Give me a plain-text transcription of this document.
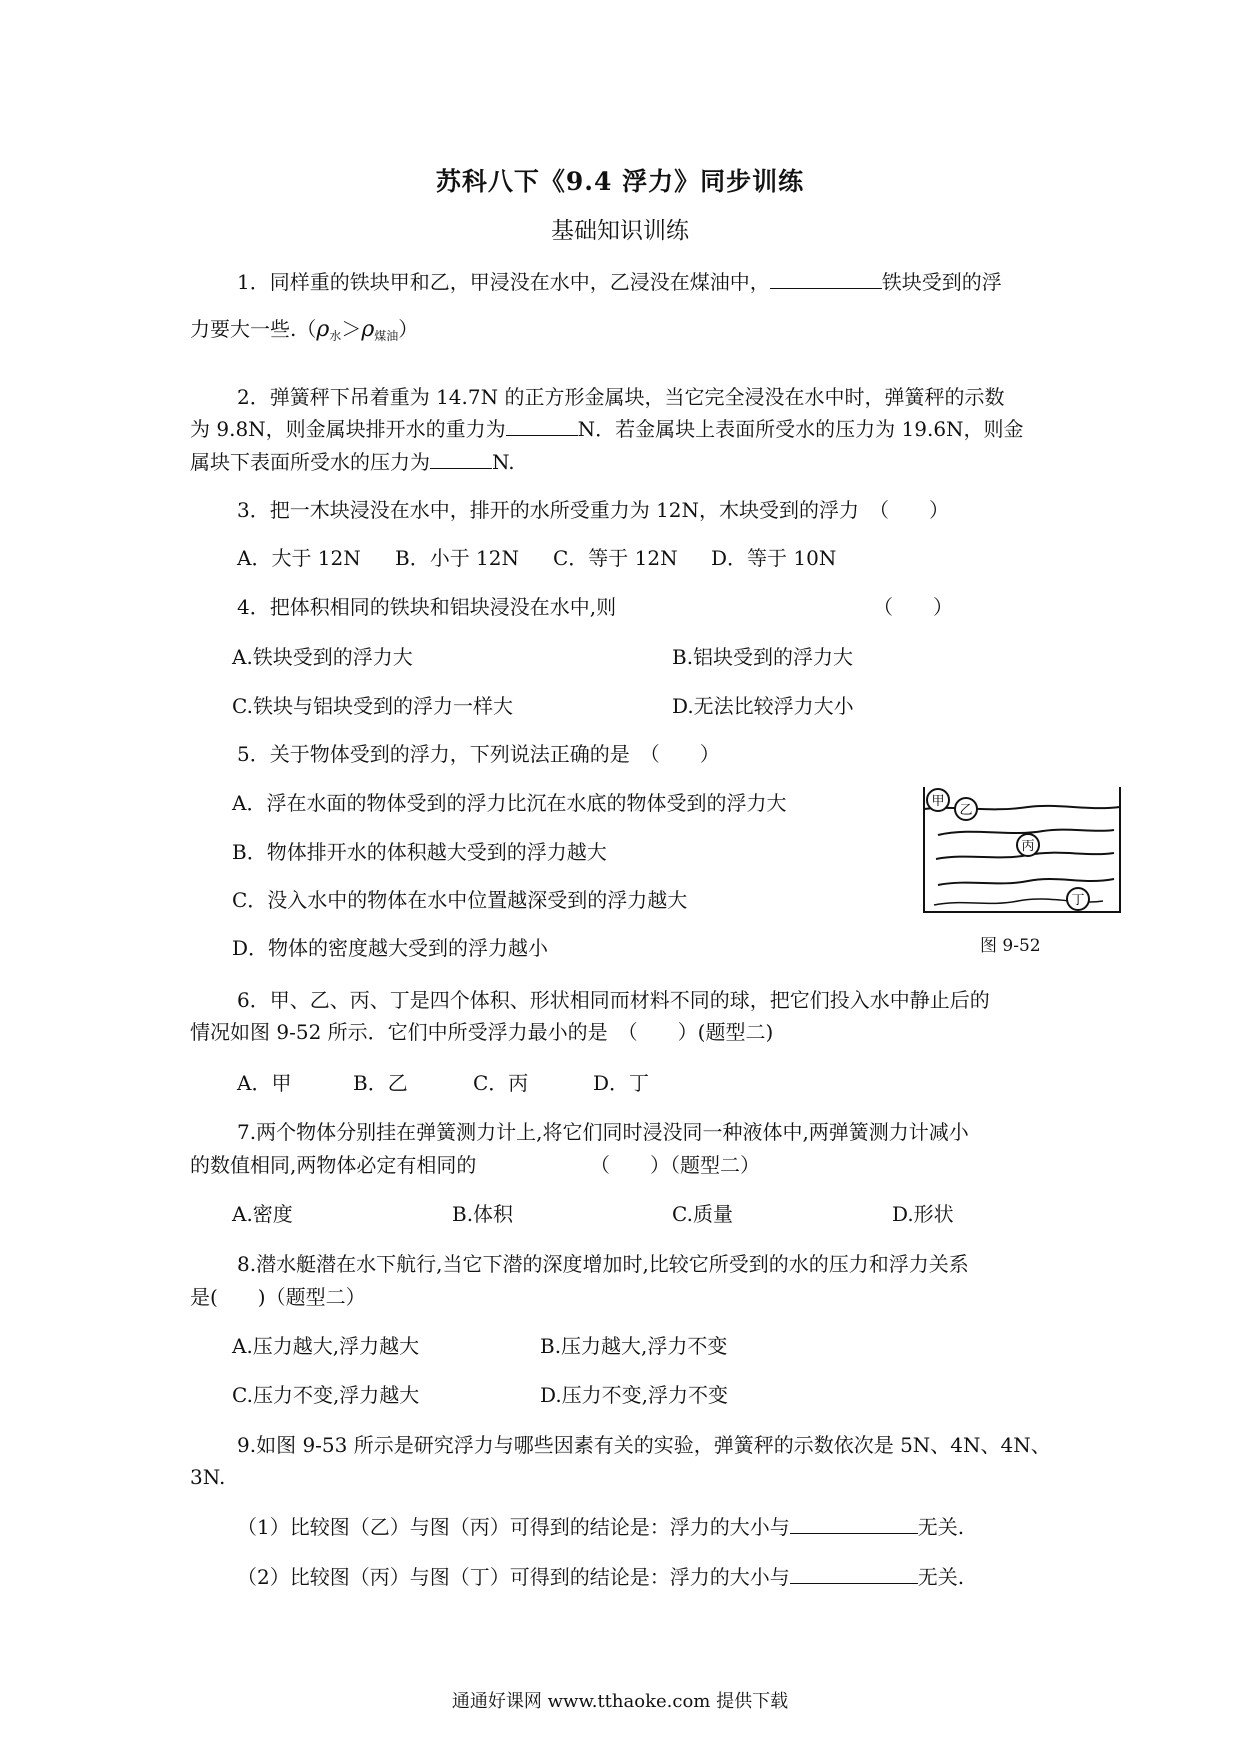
苏科八下《9.4 浮力》同步训练
基础知识训练
1．同样重的铁块甲和乙，甲浸没在水中，乙浸没在煤油中，	铁块受到的浮
力要大一些$.(\rho_水>\rho_{煤油})$
2．弹簧秤下吊着重为 14.7N 的正方形金属块，当它完全浸没在水中时，弹簧秤的示数
为 9.8N，则金属块排开水的重力为	N．若金属块上表面所受水的压力为 19.6N，则金
属块下表面所受水的压力为	N.
3．把一木块浸没在水中，排开的水所受重力为 12N，木块受到的浮力　（　　）
A．大于 12N B．小于 12N C．等于 12N D．等于 10N
4．把体积相同的铁块和铝块浸没在水中,则	（　　）
A.铁块受到的浮力大	B.铝块受到的浮力大
C.铁块与铝块受到的浮力一样大	D.无法比较浮力大小
5．关于物体受到的浮力，下列说法正确的是　（　　）
A．浮在水面的物体受到的浮力比沉在水底的物体受到的浮力大
B．物体排开水的体积越大受到的浮力越大
C．没入水中的物体在水中位置越深受到的浮力越大
D．物体的密度越大受到的浮力越小
甲
乙
丙
丁
图 9-52
6．甲、乙、丙、丁是四个体积、形状相同而材料不同的球，把它们投入水中静止后的
情况如图 9-52 所示．它们中所受浮力最小的是　（　　）(题型二)
A．甲	B．乙	C．丙	D．丁
7.两个物体分别挂在弹簧测力计上,将它们同时浸没同一种液体中,两弹簧测力计减小
的数值相同,两物体必定有相同的	（　　）（题型二）
A.密度	B.体积	C.质量	D.形状
8.潜水艇潜在水下航行,当它下潜的深度增加时,比较它所受到的水的压力和浮力关系
是(　　)（题型二）
A.压力越大,浮力越大	B.压力越大,浮力不变
C.压力不变,浮力越大	D.压力不变,浮力不变
9.如图 9-53 所示是研究浮力与哪些因素有关的实验，弹簧秤的示数依次是 5N、4N、4N、
3N.
（1）比较图（乙）与图（丙）可得到的结论是：浮力的大小与	无关.
（2）比较图（丙）与图（丁）可得到的结论是：浮力的大小与	无关.
通通好课网 www.tthaoke.com 提供下载
